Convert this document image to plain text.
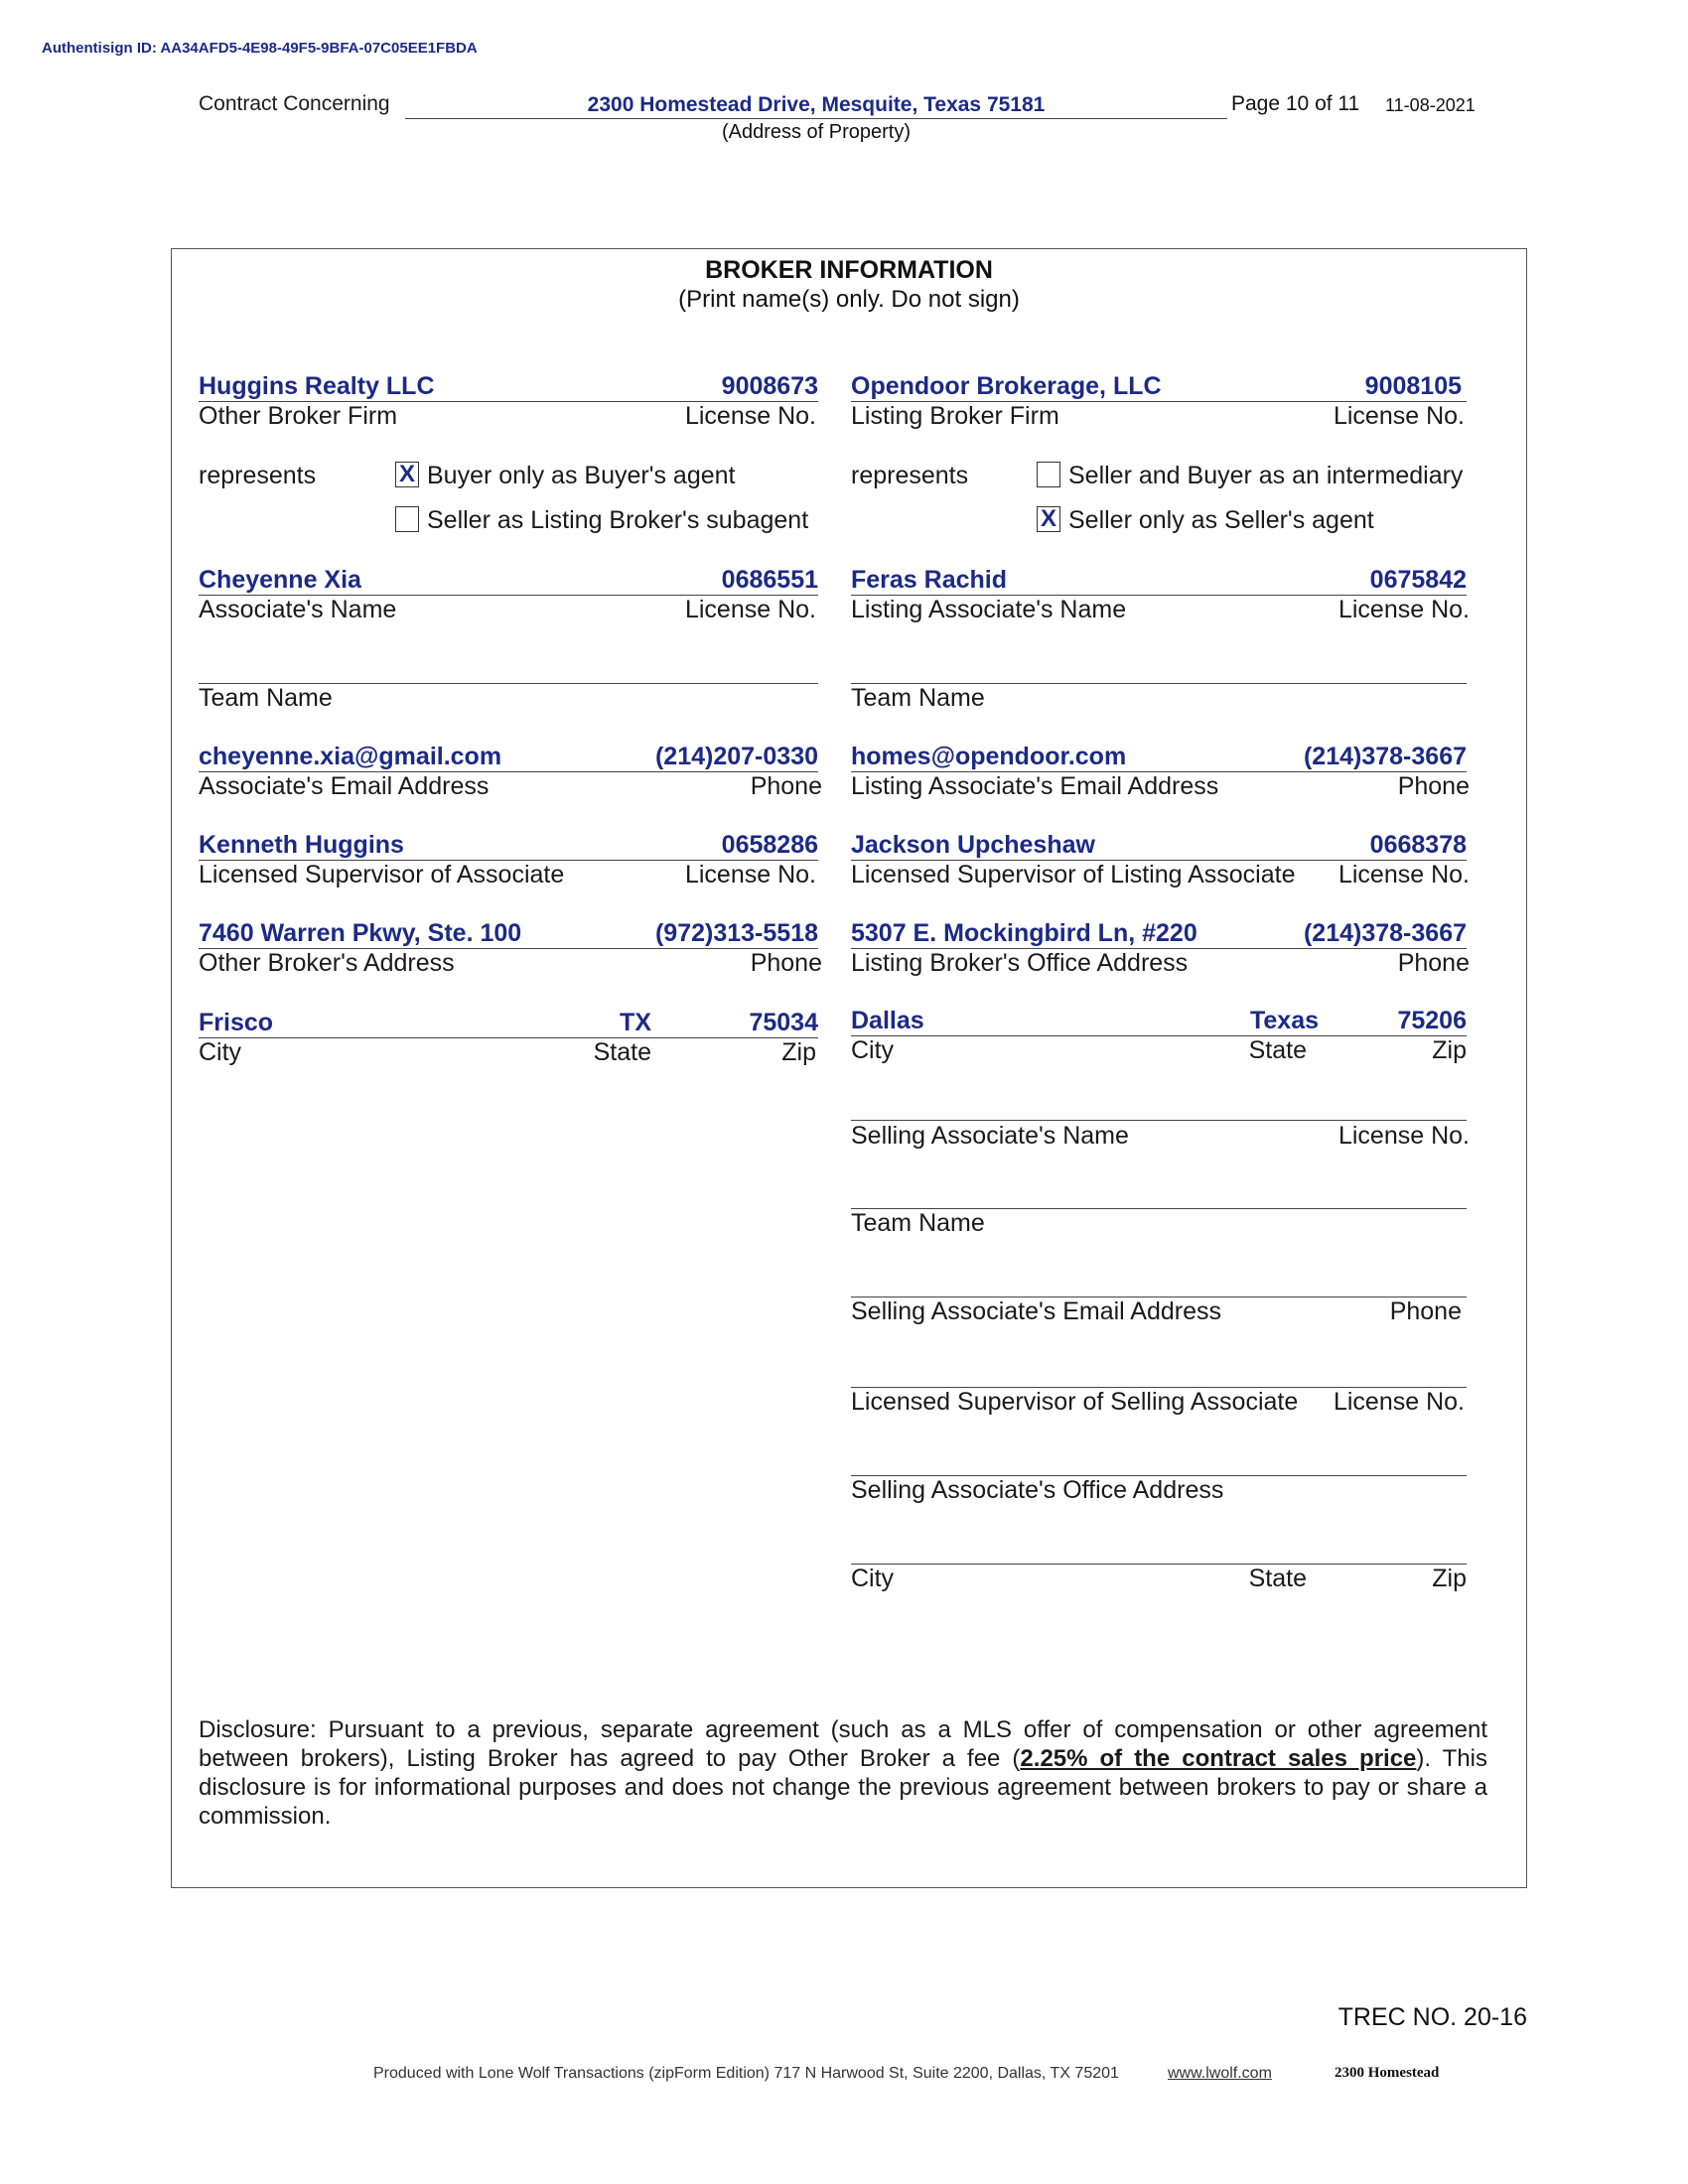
Authentisign ID: AA34AFD5-4E98-49F5-9BFA-07C05EE1FBDA
Contract Concerning	2300 Homestead Drive, Mesquite, Texas 75181
(Address of Property)
Page 10 of 11 11-08-2021
BROKER INFORMATION
(Print name(s) only. Do not sign)
Huggins Realty LLC	9008673
Other Broker Firm	License No.
represents	X Buyer only as Buyer's agent
Seller as Listing Broker's subagent
Cheyenne Xia	0686551
Associate's Name	License No.
Team Name
cheyenne.xia@gmail.com	(214)207-0330
Associate's Email Address	Phone
Kenneth Huggins	0658286
Licensed Supervisor of Associate	License No.
7460 Warren Pkwy, Ste. 100	(972)313-5518
Other Broker's Address	Phone
Frisco	TX	75034
City	State	Zip
Opendoor Brokerage, LLC	9008105
Listing Broker Firm	License No.
represents	Seller and Buyer as an intermediary
X Seller only as Seller's agent
Feras Rachid	0675842
Listing Associate's Name	License No.
Team Name
homes@opendoor.com	(214)378-3667
Listing Associate's Email Address	Phone
Jackson Upcheshaw	0668378
Licensed Supervisor of Listing Associate	License No.
5307 E. Mockingbird Ln, #220	(214)378-3667
Listing Broker's Office Address	Phone
Dallas	Texas	75206
City	State	Zip
Selling Associate's Name	License No.
Team Name
Selling Associate's Email Address	Phone
Licensed Supervisor of Selling Associate	License No.
Selling Associate's Office Address
City	State	Zip
Disclosure: Pursuant to a previous, separate agreement (such as a MLS offer of compensation or other agreement between brokers), Listing Broker has agreed to pay Other Broker a fee (2.25% of the contract sales price). This disclosure is for informational purposes and does not change the previous agreement between brokers to pay or share a commission.
TREC NO. 20-16
Produced with Lone Wolf Transactions (zipForm Edition) 717 N Harwood St, Suite 2200, Dallas, TX 75201	www.lwolf.com	2300 Homestead
